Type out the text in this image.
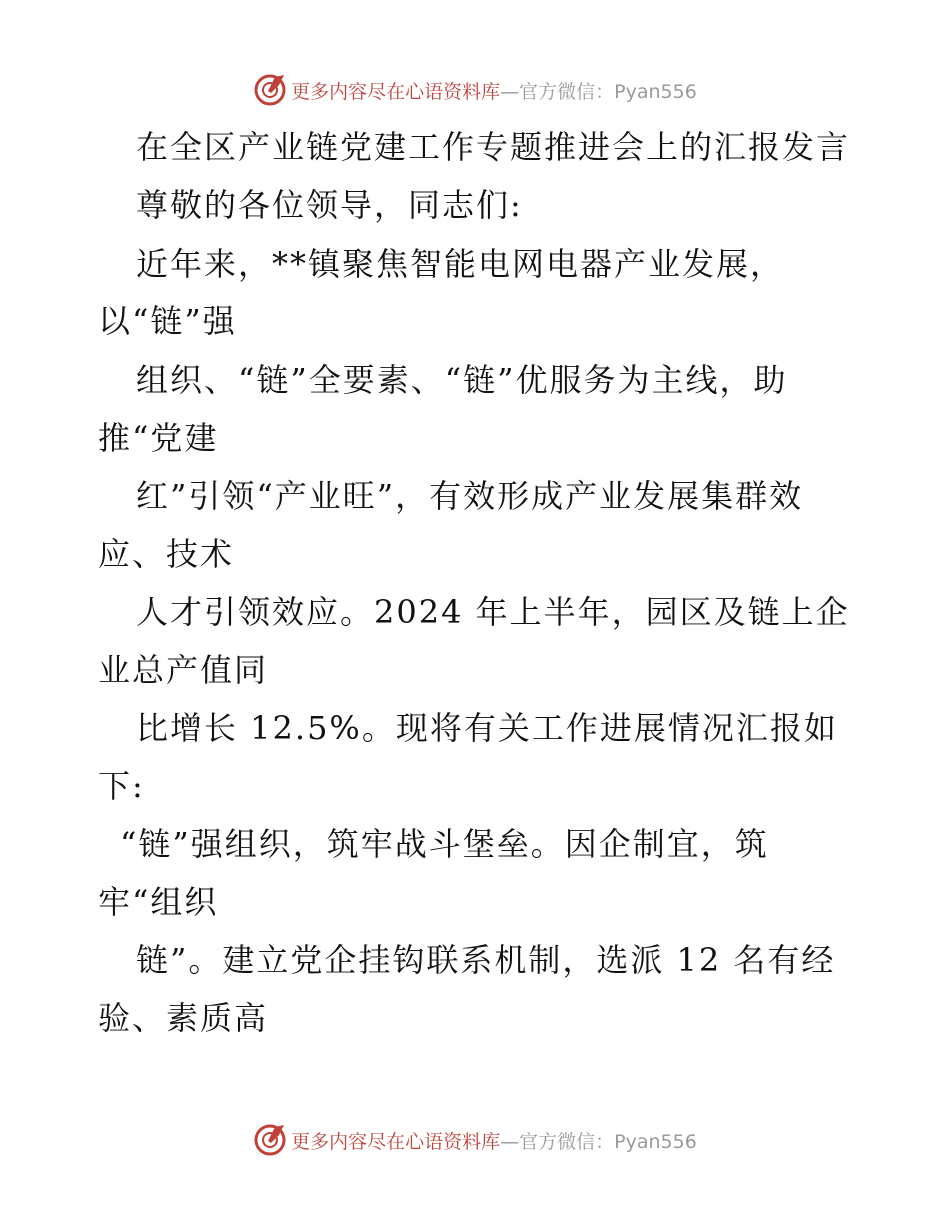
更多内容尽在心语资料库—官方微信：Pyan556
在全区产业链党建工作专题推进会上的汇报发言
尊敬的各位领导，同志们:
近年来，**镇聚焦智能电网电器产业发展，
以“链”强
组织、“链”全要素、“链”优服务为主线，助
推“党建
红”引领“产业旺”，有效形成产业发展集群效
应、技术
人才引领效应。2024 年上半年，园区及链上企
业总产值同
比增长 12.5%。现将有关工作进展情况汇报如
下:
“链”强组织，筑牢战斗堡垒。因企制宜，筑
牢“组织
链”。建立党企挂钩联系机制，选派 12 名有经
验、素质高
更多内容尽在心语资料库—官方微信：Pyan556
